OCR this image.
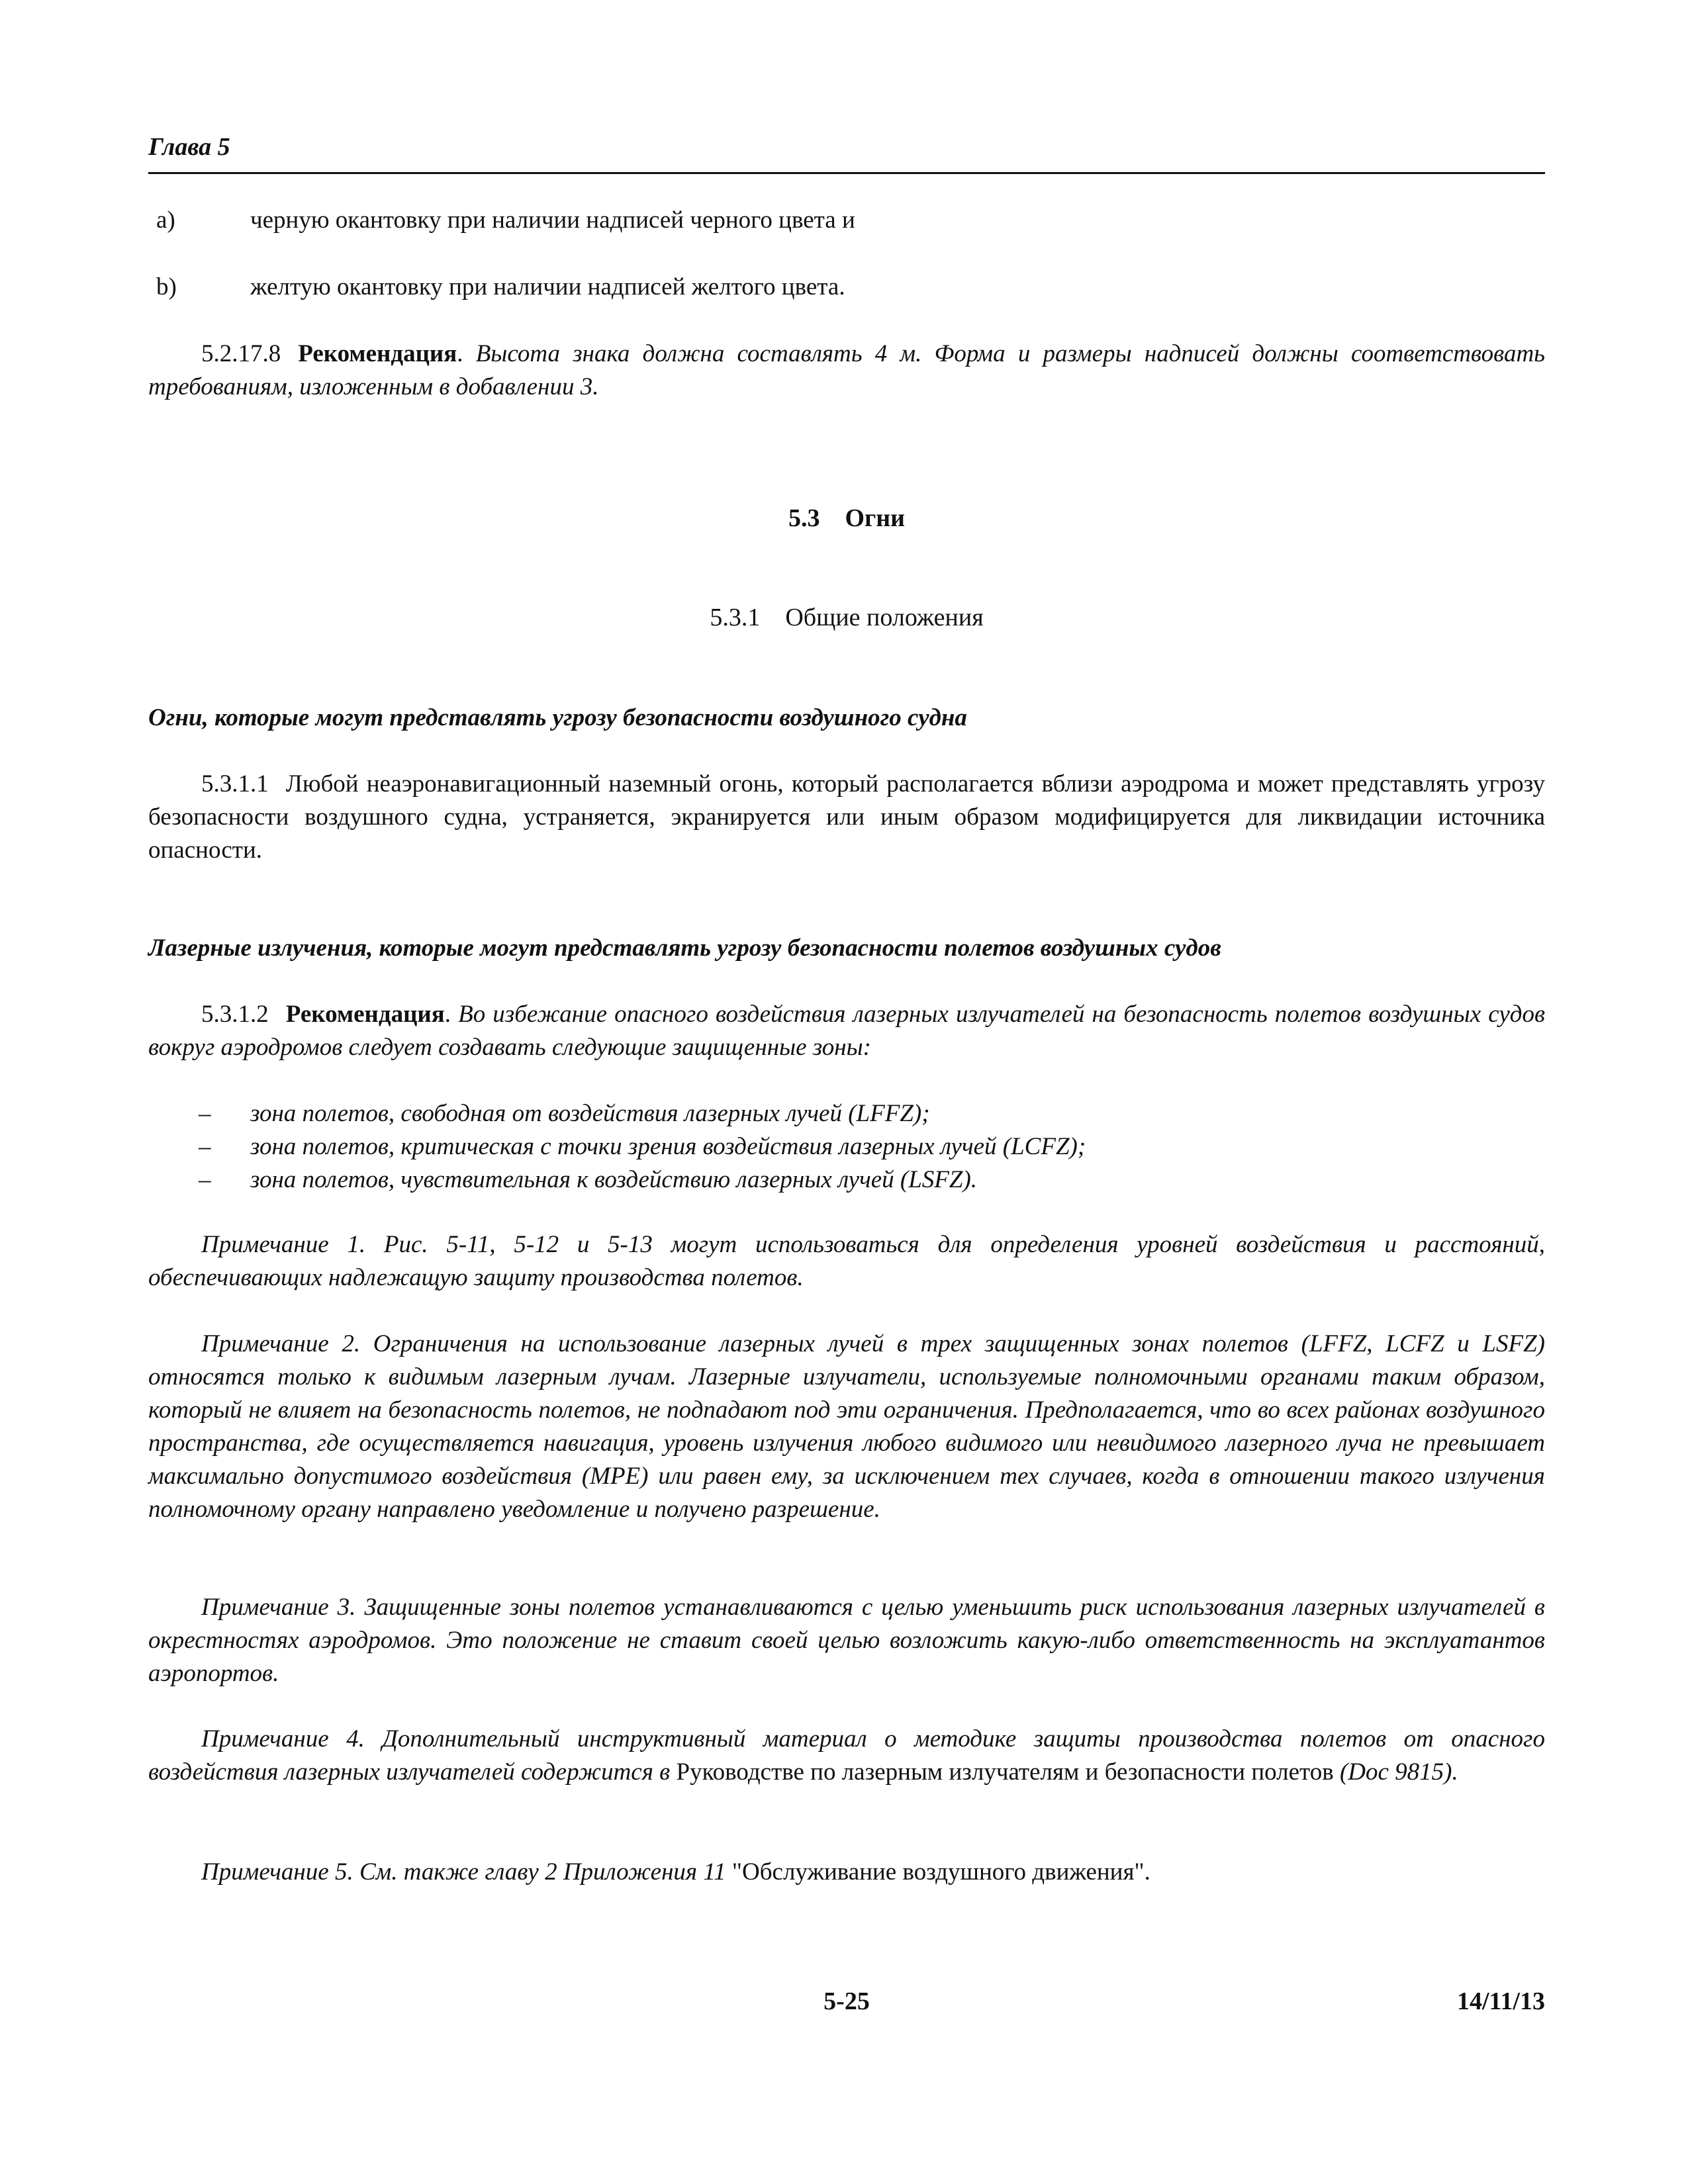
Глава 5
a)	черную окантовку при наличии надписей черного цвета и
b)	желтую окантовку при наличии надписей желтого цвета.
5.2.17.8 Рекомендация. Высота знака должна составлять 4 м. Форма и размеры надписей должны соответствовать требованиям, изложенным в добавлении 3.
5.3 Огни
5.3.1 Общие положения
Огни, которые могут представлять угрозу безопасности воздушного судна
5.3.1.1 Любой неаэронавигационный наземный огонь, который располагается вблизи аэродрома и может представлять угрозу безопасности воздушного судна, устраняется, экранируется или иным образом модифицируется для ликвидации источника опасности.
Лазерные излучения, которые могут представлять угрозу безопасности полетов воздушных судов
5.3.1.2 Рекомендация. Во избежание опасного воздействия лазерных излучателей на безопасность полетов воздушных судов вокруг аэродромов следует создавать следующие защищенные зоны:
– зона полетов, свободная от воздействия лазерных лучей (LFFZ);
– зона полетов, критическая с точки зрения воздействия лазерных лучей (LCFZ);
– зона полетов, чувствительная к воздействию лазерных лучей (LSFZ).
Примечание 1. Рис. 5-11, 5-12 и 5-13 могут использоваться для определения уровней воздействия и расстояний, обеспечивающих надлежащую защиту производства полетов.
Примечание 2. Ограничения на использование лазерных лучей в трех защищенных зонах полетов (LFFZ, LCFZ и LSFZ) относятся только к видимым лазерным лучам. Лазерные излучатели, используемые полномочными органами таким образом, который не влияет на безопасность полетов, не подпадают под эти ограничения. Предполагается, что во всех районах воздушного пространства, где осуществляется навигация, уровень излучения любого видимого или невидимого лазерного луча не превышает максимально допустимого воздействия (MPE) или равен ему, за исключением тех случаев, когда в отношении такого излучения полномочному органу направлено уведомление и получено разрешение.
Примечание 3. Защищенные зоны полетов устанавливаются с целью уменьшить риск использования лазерных излучателей в окрестностях аэродромов. Это положение не ставит своей целью возложить какую-либо ответственность на эксплуатантов аэропортов.
Примечание 4. Дополнительный инструктивный материал о методике защиты производства полетов от опасного воздействия лазерных излучателей содержится в Руководстве по лазерным излучателям и безопасности полетов (Doc 9815).
Примечание 5. См. также главу 2 Приложения 11 "Обслуживание воздушного движения".
5-25	14/11/13
